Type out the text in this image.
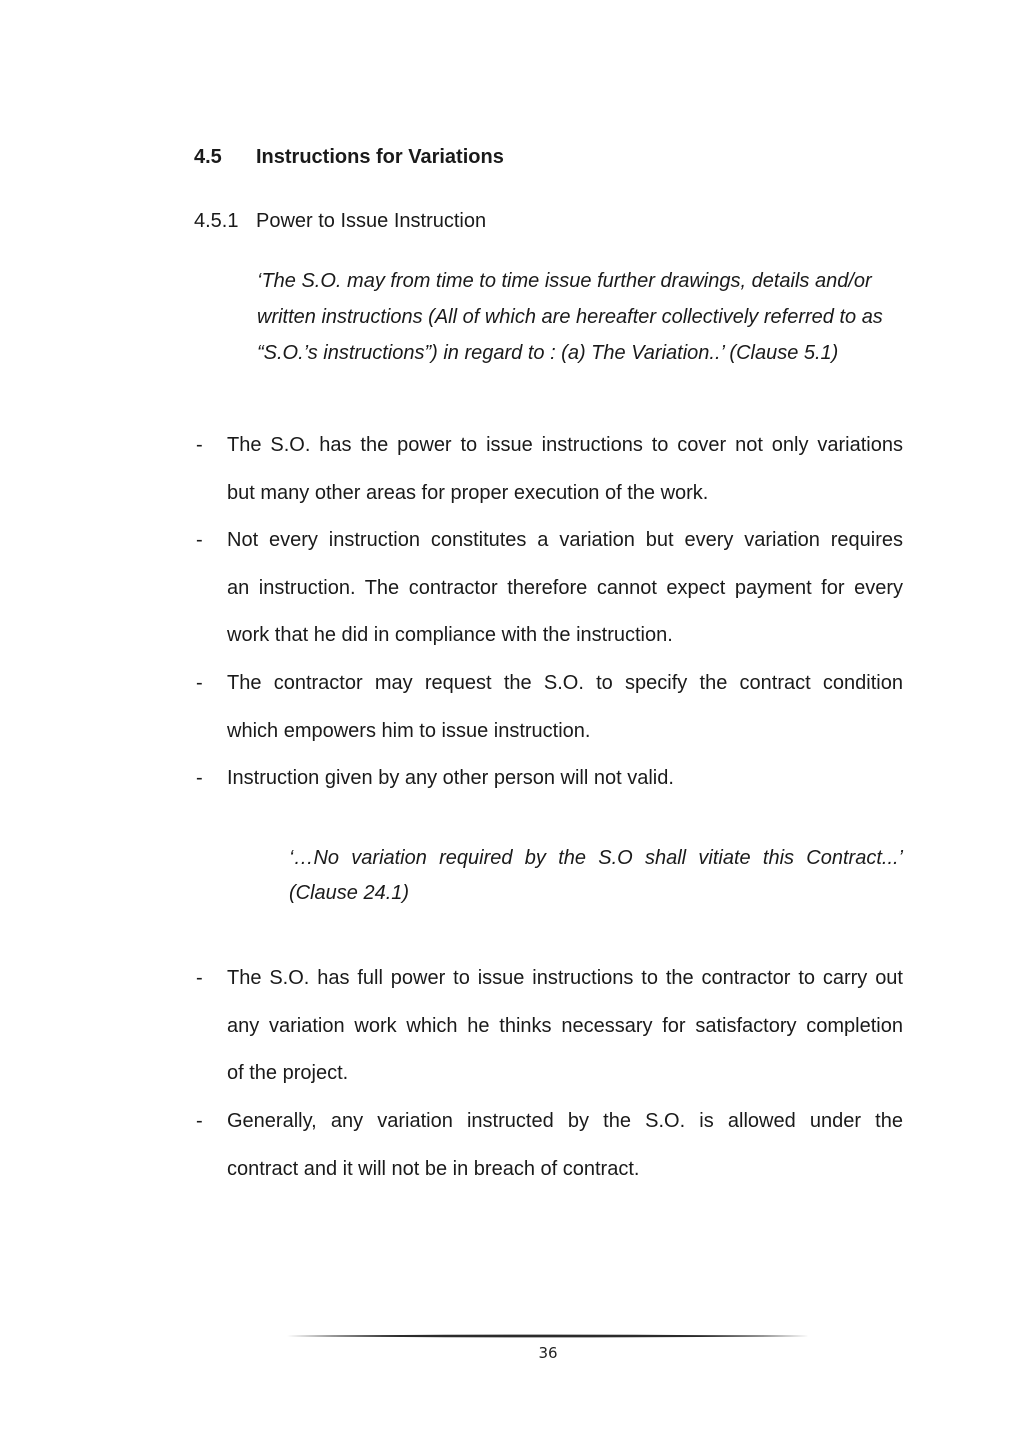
4.5 Instructions for Variations
4.5.1 Power to Issue Instruction
‘The S.O. may from time to time issue further drawings, details and/or
written instructions (All of which are hereafter collectively referred to as
“S.O.’s instructions”) in regard to : (a) The Variation..’ (Clause 5.1)
-	The S.O. has the power to issue instructions to cover not only variations
but many other areas for proper execution of the work.
-	Not every instruction constitutes a variation but every variation requires
an instruction. The contractor therefore cannot expect payment for every
work that he did in compliance with the instruction.
-	The contractor may request the S.O. to specify the contract condition
which empowers him to issue instruction.
-	Instruction given by any other person will not valid.
‘…No variation required by the S.O shall vitiate this Contract...’
(Clause 24.1)
-	The S.O. has full power to issue instructions to the contractor to carry out
any variation work which he thinks necessary for satisfactory completion
of the project.
-	Generally, any variation instructed by the S.O. is allowed under the
contract and it will not be in breach of contract.
36
